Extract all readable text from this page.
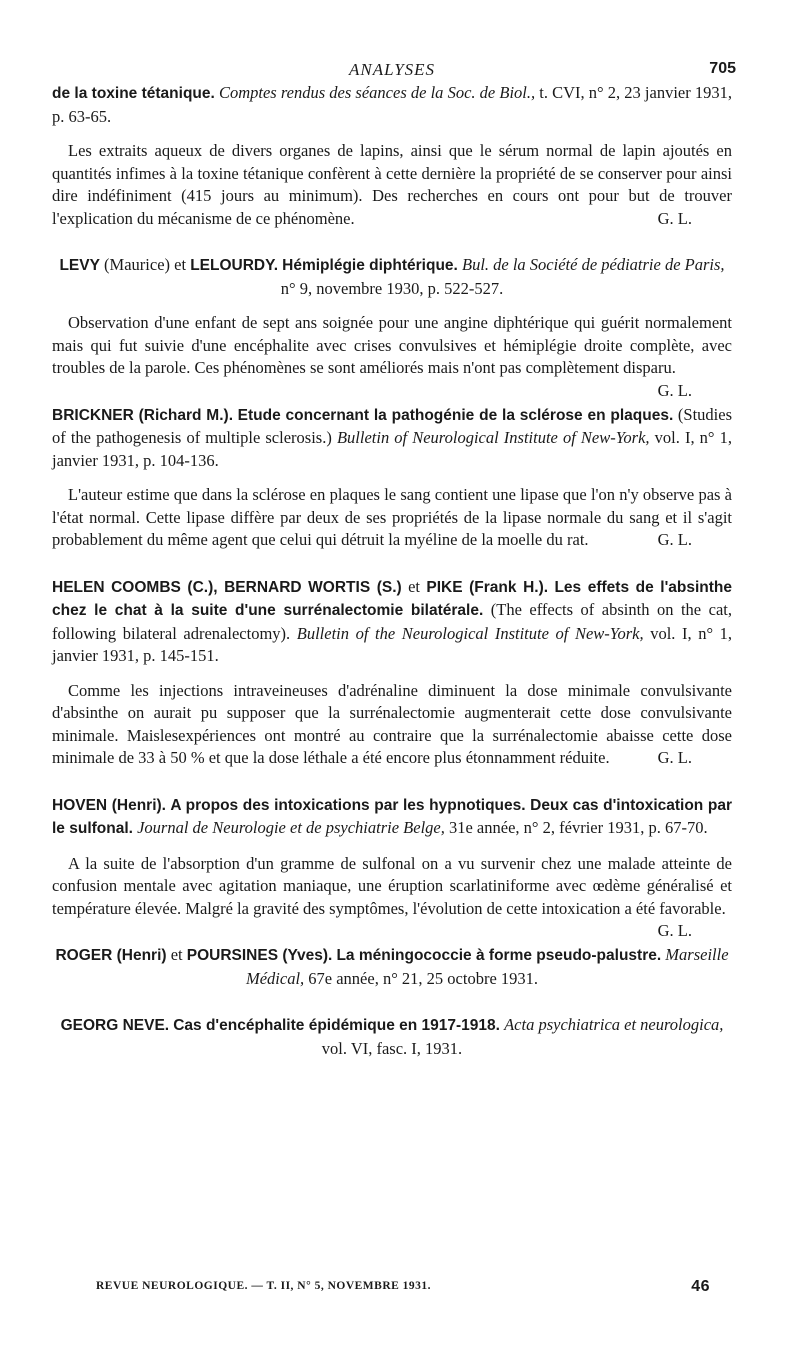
ANALYSES	705

de la toxine tétanique. Comptes rendus des séances de la Soc. de Biol., t. CVI, n° 2, 23 janvier 1931, p. 63-65.

Les extraits aqueux de divers organes de lapins, ainsi que le sérum normal de lapin ajoutés en quantités infimes à la toxine tétanique confèrent à cette dernière la propriété de se conserver pour ainsi dire indéfiniment (415 jours au minimum). Des recherches en cours ont pour but de trouver l'explication du mécanisme de ce phénomène.	G. L.

LEVY (Maurice) et LELOURDY. Hémiplégie diphtérique. Bul. de la Société de pédiatrie de Paris, n° 9, novembre 1930, p. 522-527.

Observation d'une enfant de sept ans soignée pour une angine diphtérique qui guérit normalement mais qui fut suivie d'une encéphalite avec crises convulsives et hémiplégie droite complète, avec troubles de la parole. Ces phénomènes se sont améliorés mais n'ont pas complètement disparu.
G. L.

BRICKNER (Richard M.). Etude concernant la pathogénie de la sclérose en plaques. (Studies of the pathogenesis of multiple sclerosis.) Bulletin of Neurological Institute of New-York, vol. I, n° 1, janvier 1931, p. 104-136.

L'auteur estime que dans la sclérose en plaques le sang contient une lipase que l'on n'y observe pas à l'état normal. Cette lipase diffère par deux de ses propriétés de la lipase normale du sang et il s'agit probablement du même agent que celui qui détruit la myéline de la moelle du rat.	G. L.

HELEN COOMBS (C.), BERNARD WORTIS (S.) et PIKE (Frank H.). Les effets de l'absinthe chez le chat à la suite d'une surrénalectomie bilatérale. (The effects of absinth on the cat, following bilateral adrenalectomy). Bulletin of the Neurological Institute of New-York, vol. I, n° 1, janvier 1931, p. 145-151.

Comme les injections intraveineuses d'adrénaline diminuent la dose minimale convulsivante d'absinthe on aurait pu supposer que la surrénalectomie augmenterait cette dose convulsivante minimale. Maislesexpériences ont montré au contraire que la surrénalectomie abaisse cette dose minimale de 33 à 50 % et que la dose léthale a été encore plus étonnamment réduite.	G. L.

HOVEN (Henri). A propos des intoxications par les hypnotiques. Deux cas d'intoxication par le sulfonal. Journal de Neurologie et de psychiatrie Belge, 31e année, n° 2, février 1931, p. 67-70.

A la suite de l'absorption d'un gramme de sulfonal on a vu survenir chez une malade atteinte de confusion mentale avec agitation maniaque, une éruption scarlatiniforme avec œdème généralisé et température élevée. Malgré la gravité des symptômes, l'évolution de cette intoxication a été favorable.
G. L.

ROGER (Henri) et POURSINES (Yves). La méningococcie à forme pseudo-palustre. Marseille Médical, 67e année, n° 21, 25 octobre 1931.

GEORG NEVE. Cas d'encéphalite épidémique en 1917-1918. Acta psychiatrica et neurologica, vol. VI, fasc. I, 1931.

REVUE NEUROLOGIQUE. — T. II, N° 5, NOVEMBRE 1931.	46
